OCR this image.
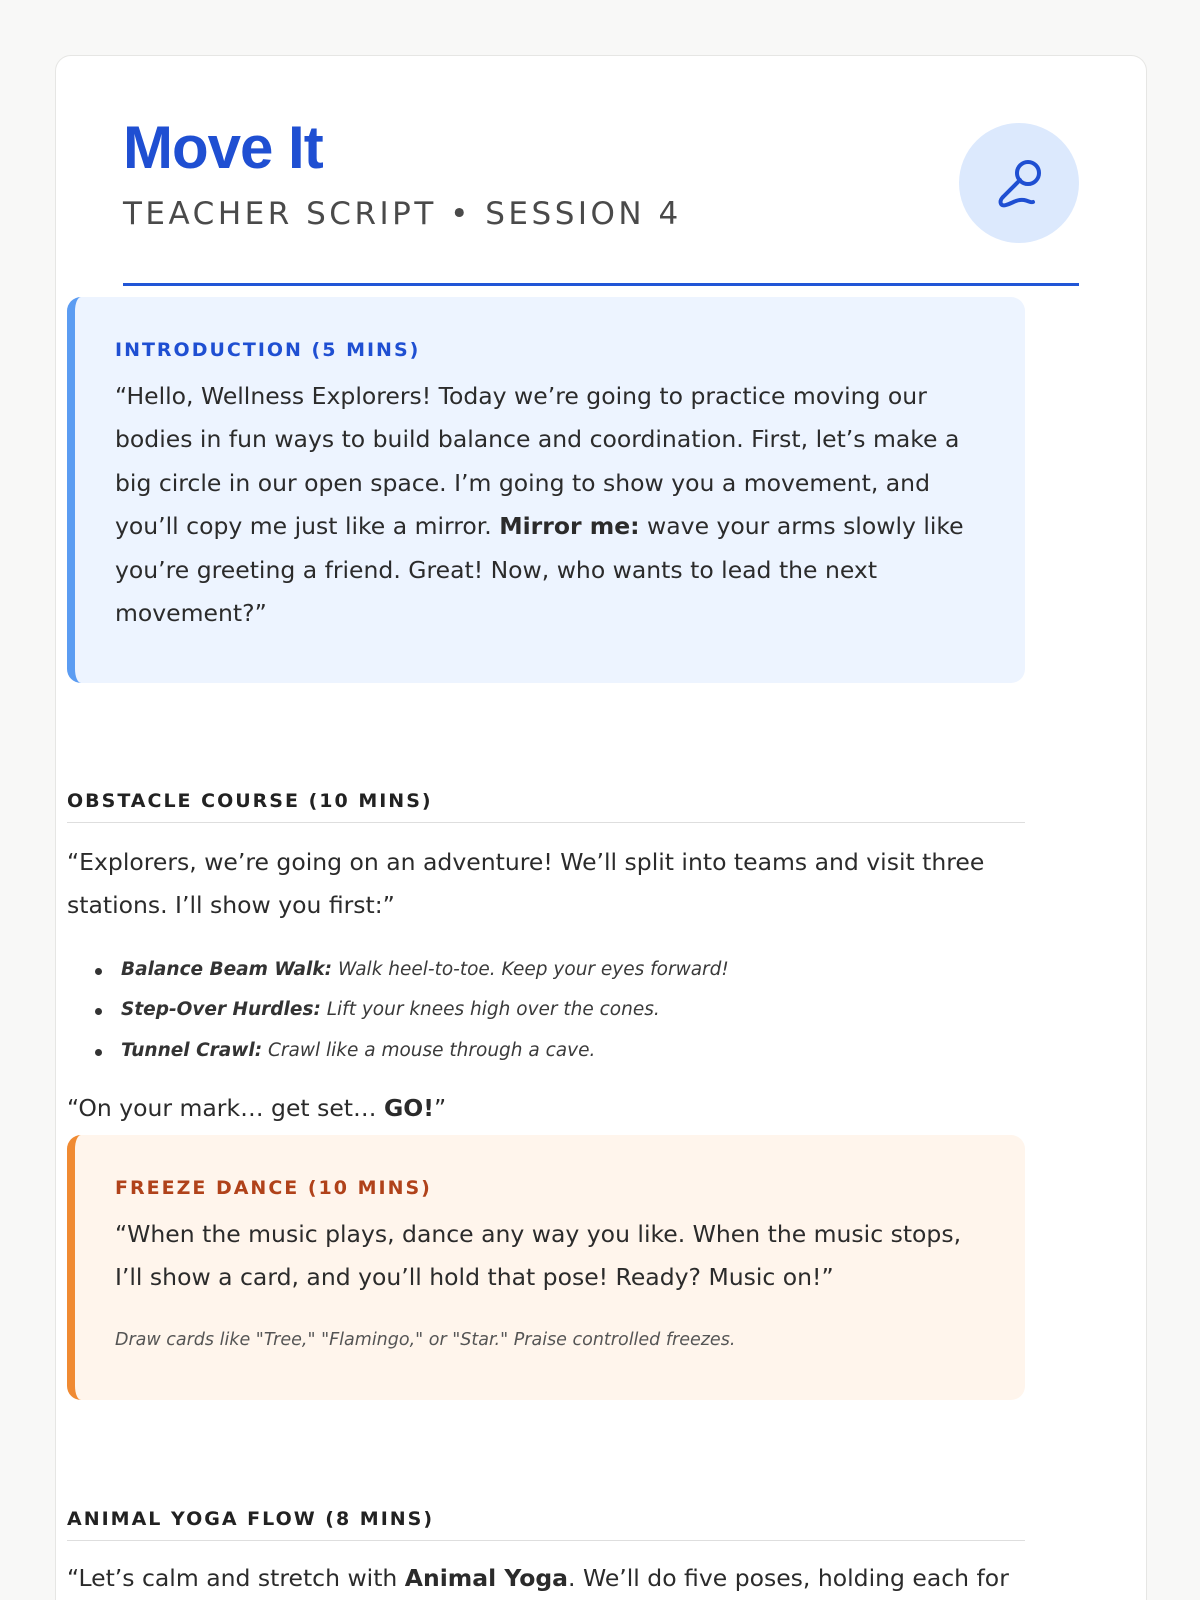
Move It
TEACHER SCRIPT • SESSION 4
INTRODUCTION (5 MINS)

“Hello, Wellness Explorers! Today we’re going to practice moving our bodies in fun ways to build balance and coordination. First, let’s make a big circle in our open space. I’m going to show you a movement, and you’ll copy me just like a mirror. Mirror me: wave your arms slowly like you’re greeting a friend. Great! Now, who wants to lead the next movement?”

OBSTACLE COURSE (10 MINS)

“Explorers, we’re going on an adventure! We’ll split into teams and visit three stations. I’ll show you first:”

Balance Beam Walk: Walk heel-to-toe. Keep your eyes forward!
Step-Over Hurdles: Lift your knees high over the cones.
Tunnel Crawl: Crawl like a mouse through a cave.

“On your mark… get set… GO!”

FREEZE DANCE (10 MINS)

“When the music plays, dance any way you like. When the music stops, I’ll show a card, and you’ll hold that pose! Ready? Music on!”

Draw cards like "Tree," "Flamingo," or "Star." Praise controlled freezes.

ANIMAL YOGA FLOW (8 MINS)

“Let’s calm and stretch with Animal Yoga. We’ll do five poses, holding each for
